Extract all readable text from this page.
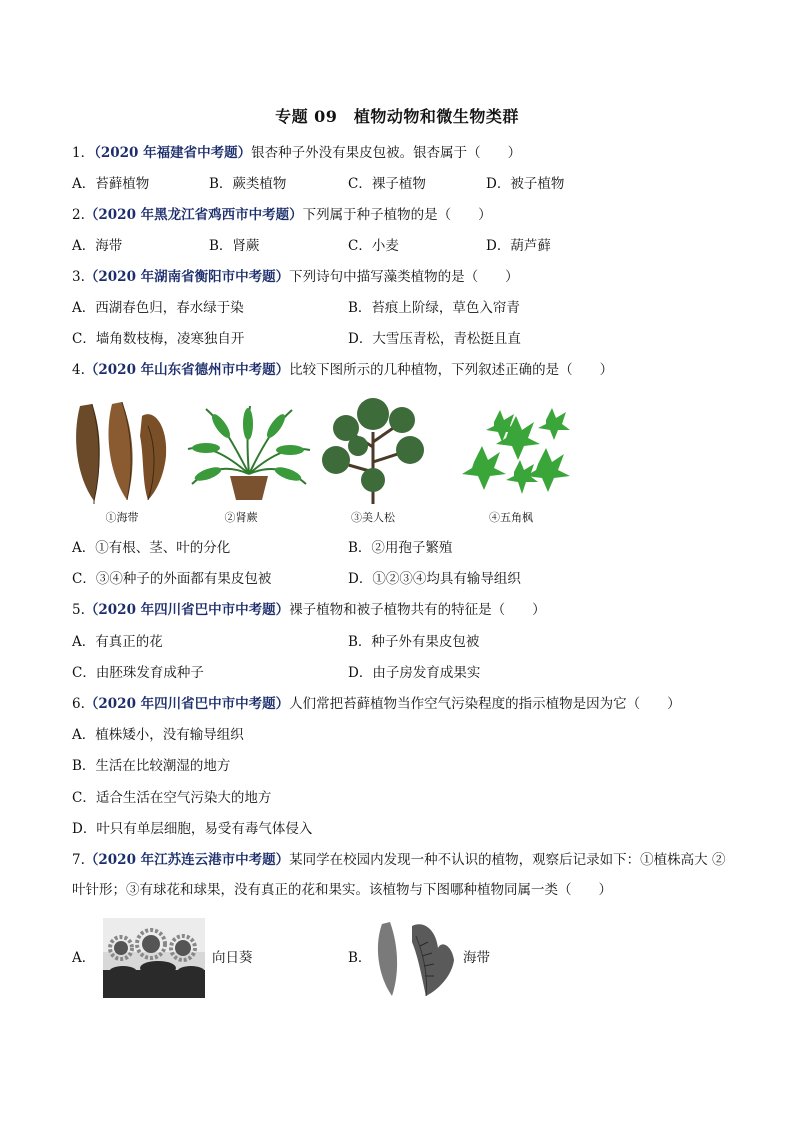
专题 09　植物动物和微生物类群
1．（2020 年福建省中考题）银杏种子外没有果皮包被。银杏属于（　　）
A．苔藓植物	B．蕨类植物	C．裸子植物	D．被子植物
2.（2020 年黑龙江省鸡西市中考题）下列属于种子植物的是（　　）
A．海带	B．肾蕨	C．小麦	D．葫芦藓
3.（2020 年湖南省衡阳市中考题）下列诗句中描写藻类植物的是（　　）
A．西湖春色归，春水绿于染	B．苔痕上阶绿，草色入帘青
C．墙角数枝梅，凌寒独自开	D．大雪压青松，青松挺且直
4.（2020 年山东省德州市中考题）比较下图所示的几种植物，下列叙述正确的是（　　）
①海带	②肾蕨	③美人松	④五角枫
A．①有根、茎、叶的分化	B．②用孢子繁殖
C．③④种子的外面都有果皮包被	D．①②③④均具有输导组织
5.（2020 年四川省巴中市中考题）裸子植物和被子植物共有的特征是（　　）
A．有真正的花	B．种子外有果皮包被
C．由胚珠发育成种子	D．由子房发育成果实
6.（2020 年四川省巴中市中考题）人们常把苔藓植物当作空气污染程度的指示植物是因为它（　　）
A．植株矮小，没有输导组织
B．生活在比较潮湿的地方
C．适合生活在空气污染大的地方
D．叶只有单层细胞，易受有毒气体侵入
7.（2020 年江苏连云港市中考题）某同学在校园内发现一种不认识的植物，观察后记录如下：①植株高大 ②
叶针形；③有球花和球果，没有真正的花和果实。该植物与下图哪种植物同属一类（　　）
A．	向日葵	B．	海带
